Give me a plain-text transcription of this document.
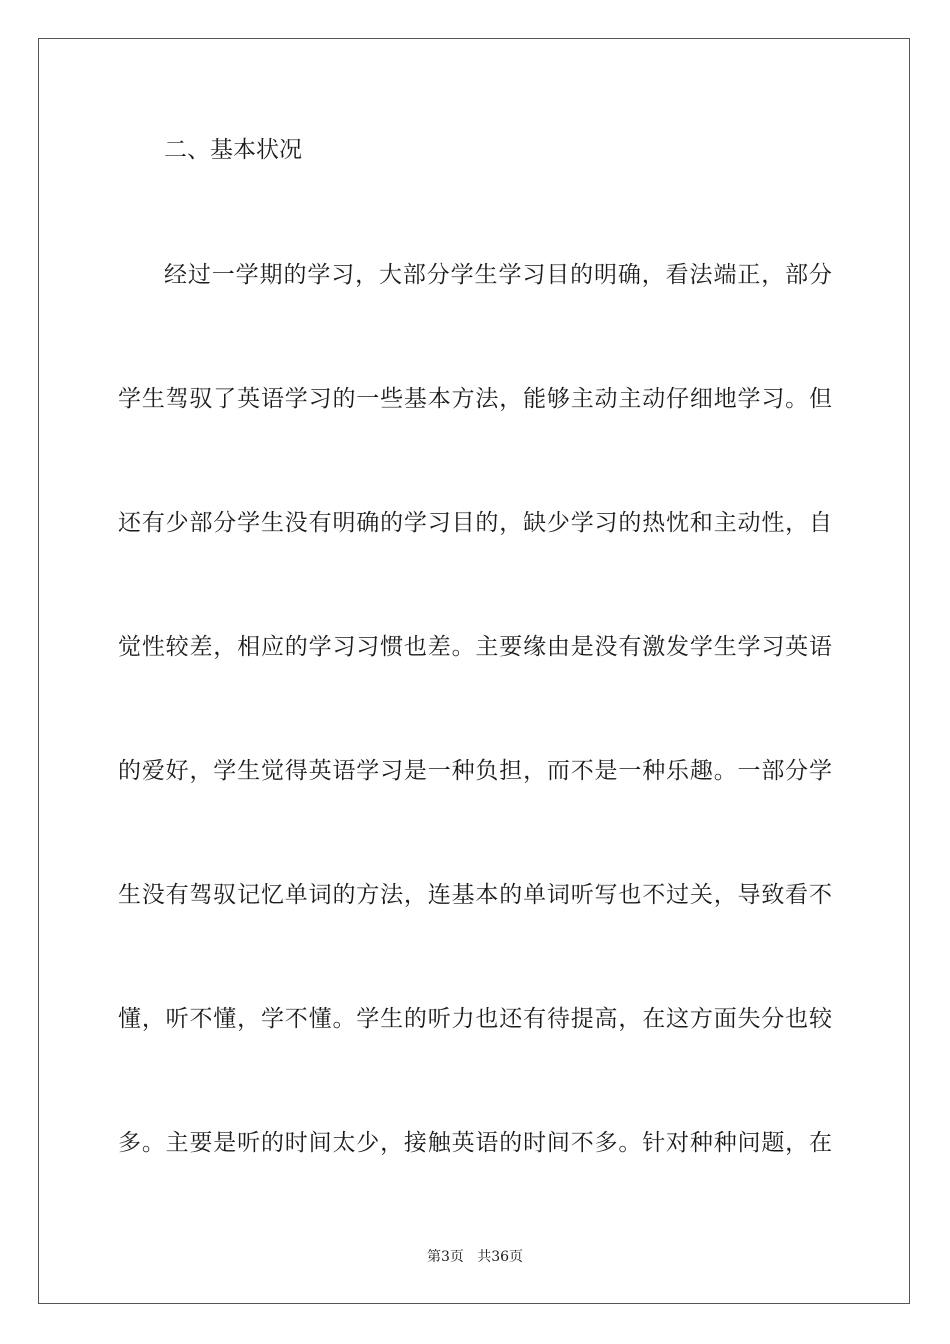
二、基本状况

经过一学期的学习，大部分学生学习目的明确，看法端正，部分

学生驾驭了英语学习的一些基本方法，能够主动主动仔细地学习。但

还有少部分学生没有明确的学习目的，缺少学习的热忱和主动性，自

觉性较差，相应的学习习惯也差。主要缘由是没有激发学生学习英语

的爱好，学生觉得英语学习是一种负担，而不是一种乐趣。一部分学

生没有驾驭记忆单词的方法，连基本的单词听写也不过关，导致看不

懂，听不懂，学不懂。学生的听力也还有待提高，在这方面失分也较

多。主要是听的时间太少，接触英语的时间不多。针对种种问题，在

第3页   共36页
